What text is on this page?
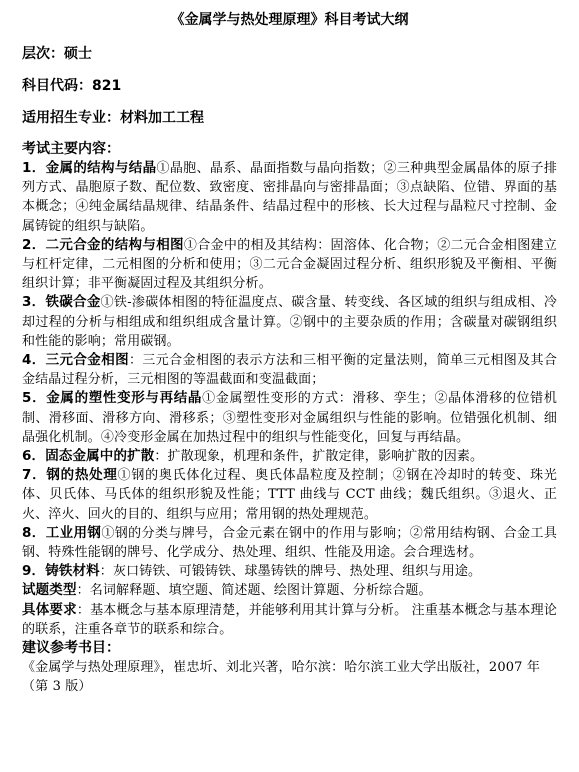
《金属学与热处理原理》科目考试大纲
层次：硕士
科目代码：821
适用招生专业：材料加工工程
考试主要内容：

1．金属的结构与结晶①晶胞、晶系、晶面指数与晶向指数；②三种典型金属晶体的原子排列方式、晶胞原子数、配位数、致密度、密排晶向与密排晶面；③点缺陷、位错、界面的基本概念；④纯金属结晶规律、结晶条件、结晶过程中的形核、长大过程与晶粒尺寸控制、金属铸锭的组织与缺陷。

2．二元合金的结构与相图①合金中的相及其结构：固溶体、化合物；②二元合金相图建立与杠杆定律，二元相图的分析和使用；③二元合金凝固过程分析、组织形貌及平衡相、平衡组织计算；非平衡凝固过程及其组织分析。

3．铁碳合金①铁-渗碳体相图的特征温度点、碳含量、转变线、各区域的组织与组成相、冷却过程的分析与相组成和组织组成含量计算。②钢中的主要杂质的作用；含碳量对碳钢组织和性能的影响；常用碳钢。

4．三元合金相图：三元合金相图的表示方法和三相平衡的定量法则，简单三元相图及其合金结晶过程分析，三元相图的等温截面和变温截面；

5．金属的塑性变形与再结晶①金属塑性变形的方式：滑移、孪生；②晶体滑移的位错机制、滑移面、滑移方向、滑移系；③塑性变形对金属组织与性能的影响。位错强化机制、细晶强化机制。④冷变形金属在加热过程中的组织与性能变化，回复与再结晶。

6．固态金属中的扩散：扩散现象，机理和条件，扩散定律，影响扩散的因素。

7．钢的热处理①钢的奥氏体化过程、奥氏体晶粒度及控制；②钢在冷却时的转变、珠光体、贝氏体、马氏体的组织形貌及性能；TTT 曲线与 CCT 曲线；魏氏组织。③退火、正火、淬火、回火的目的、组织与应用；常用钢的热处理规范。

8．工业用钢①钢的分类与牌号，合金元素在钢中的作用与影响；②常用结构钢、合金工具钢、特殊性能钢的牌号、化学成分、热处理、组织、性能及用途。会合理选材。

9．铸铁材料：灰口铸铁、可锻铸铁、球墨铸铁的牌号、热处理、组织与用途。

试题类型：名词解释题、填空题、简述题、绘图计算题、分析综合题。

具体要求：基本概念与基本原理清楚，并能够利用其计算与分析。 注重基本概念与基本理论的联系，注重各章节的联系和综合。

建议参考书目：

《金属学与热处理原理》，崔忠圻、刘北兴著，哈尔滨：哈尔滨工业大学出版社，2007 年（第 3 版）
